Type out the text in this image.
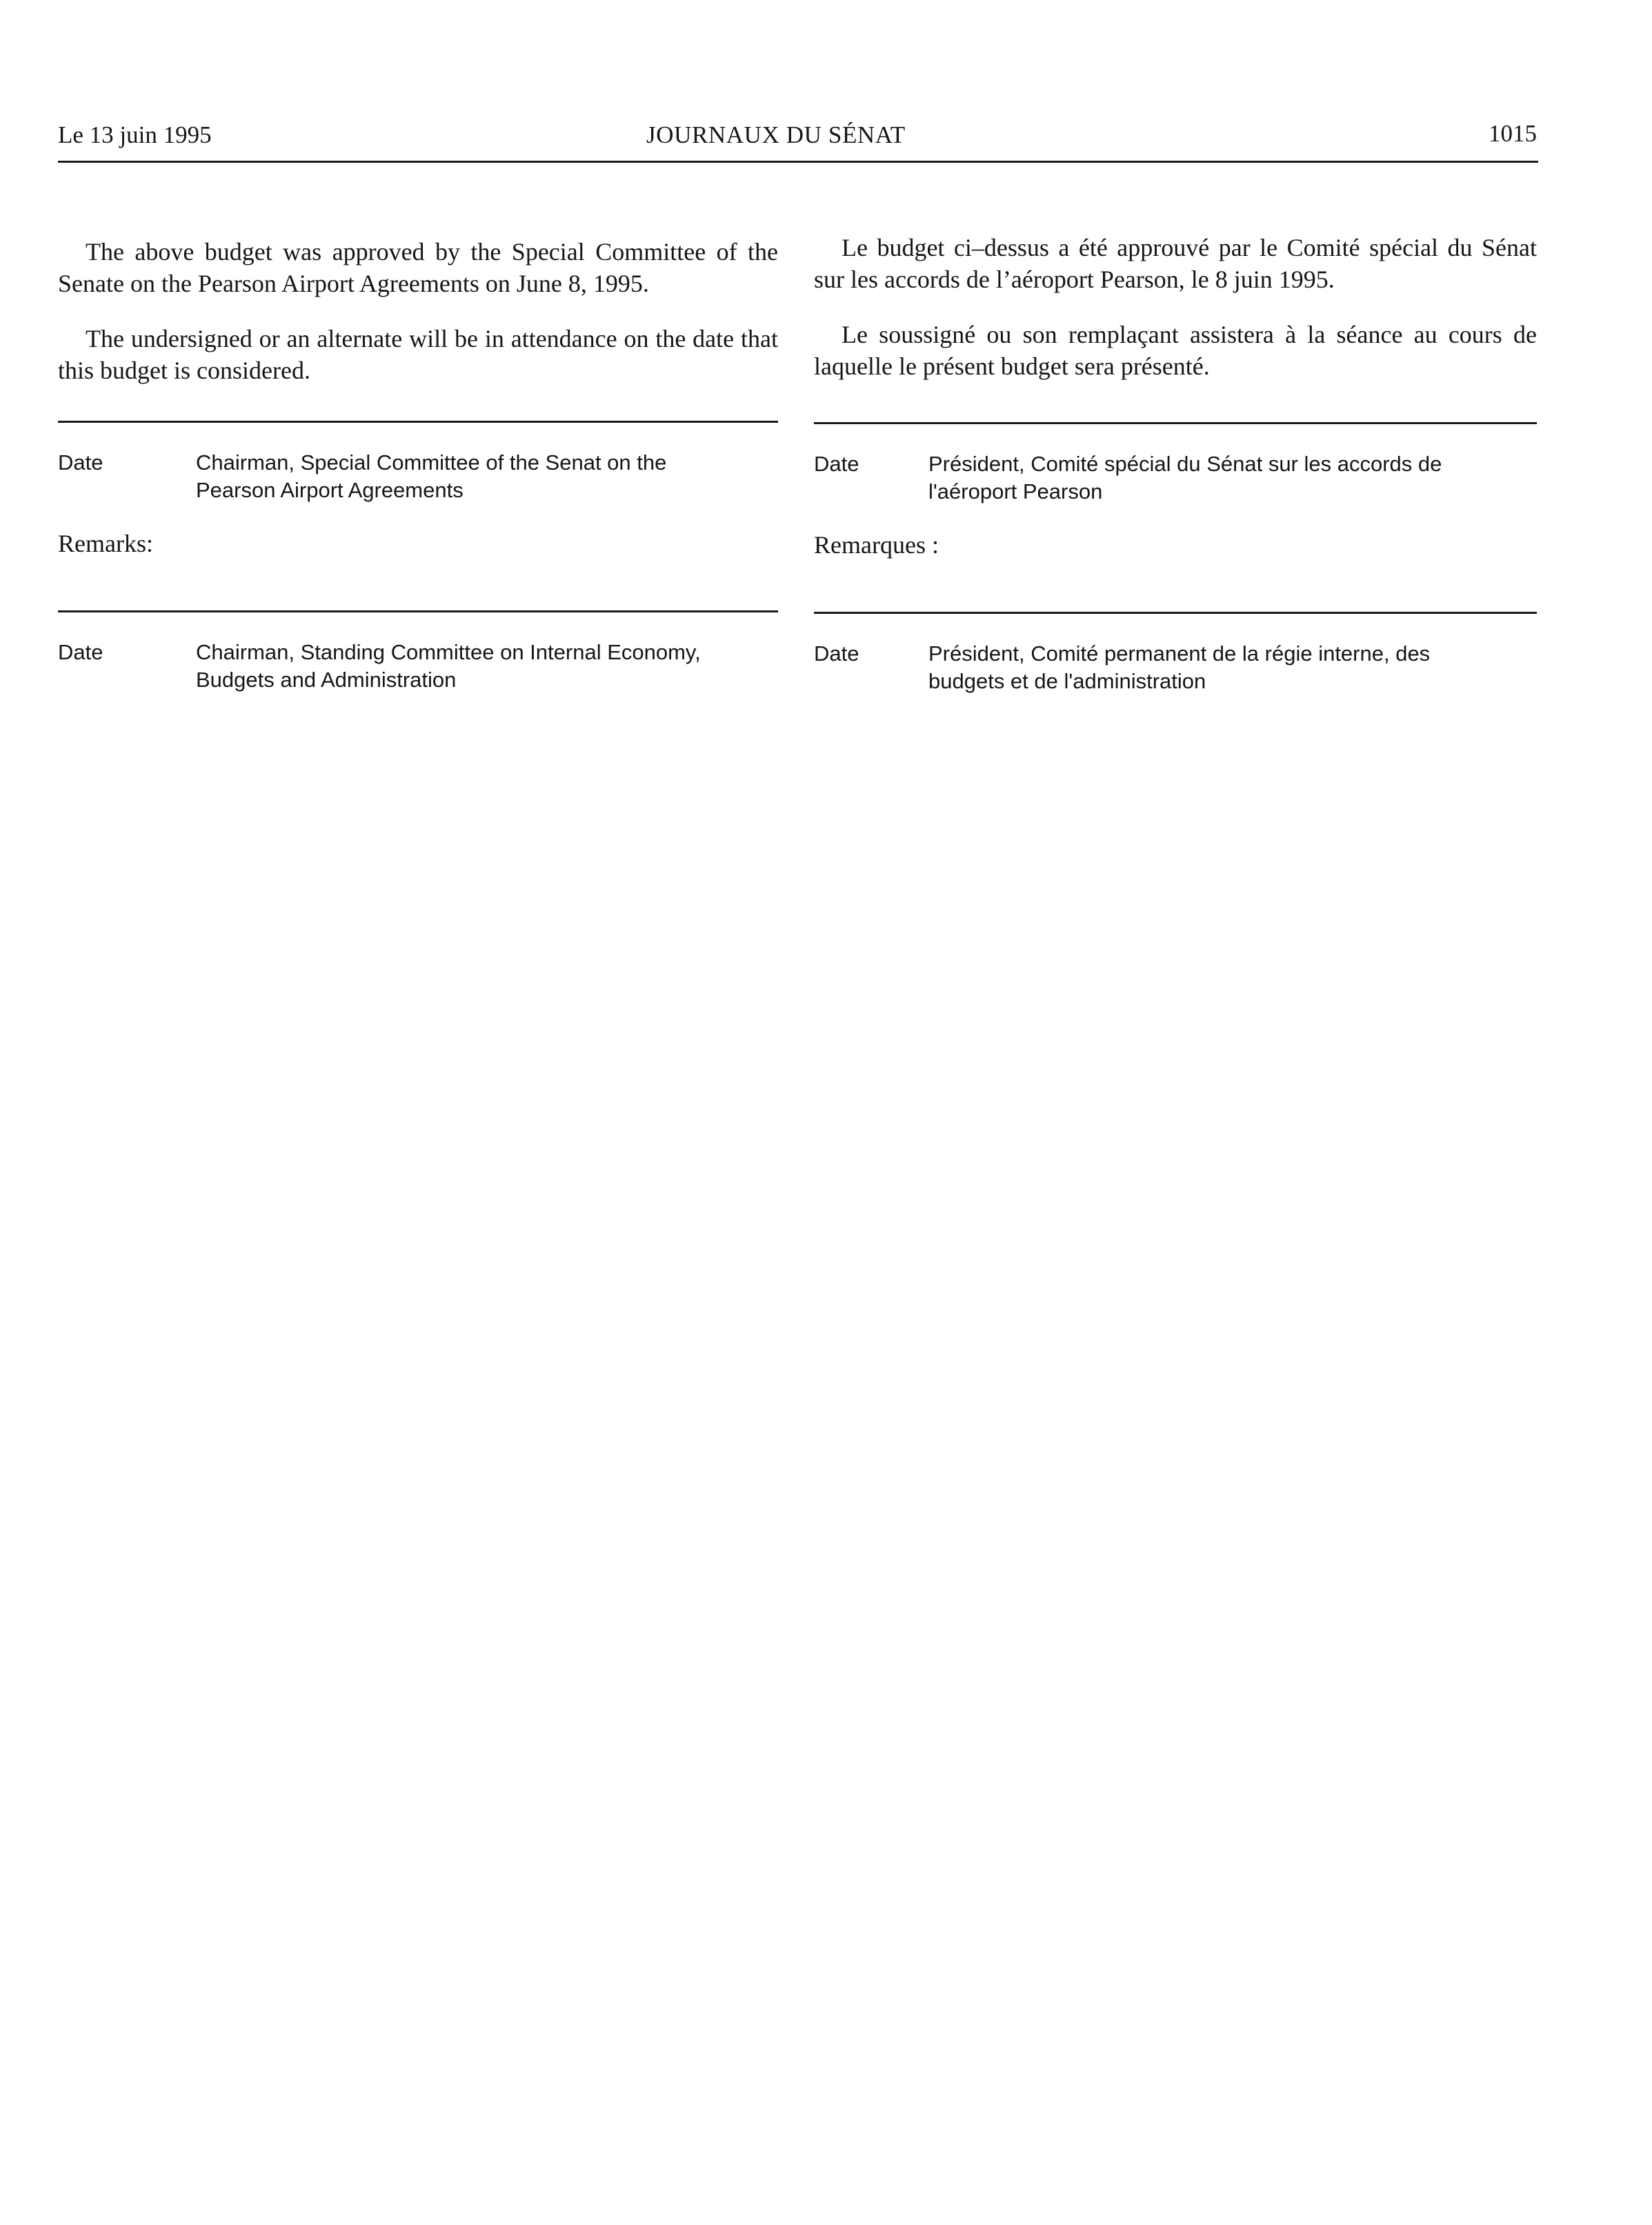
Le 13 juin 1995	JOURNAUX DU SÉNAT	1015

The above budget was approved by the Special Committee of the Senate on the Pearson Airport Agreements on June 8, 1995.

The undersigned or an alternate will be in attendance on the date that this budget is considered.

Date	Chairman, Special Committee of the Senat on the Pearson Airport Agreements
Remarks:
Date	Chairman, Standing Committee on Internal Economy, Budgets and Administration

Le budget ci–dessus a été approuvé par le Comité spécial du Sénat sur les accords de l’aéroport Pearson, le 8 juin 1995.

Le soussigné ou son remplaçant assistera à la séance au cours de laquelle le présent budget sera présenté.

Date	Président, Comité spécial du Sénat sur les accords de l'aéroport Pearson
Remarques :
Date	Président, Comité permanent de la régie interne, des budgets et de l'administration
